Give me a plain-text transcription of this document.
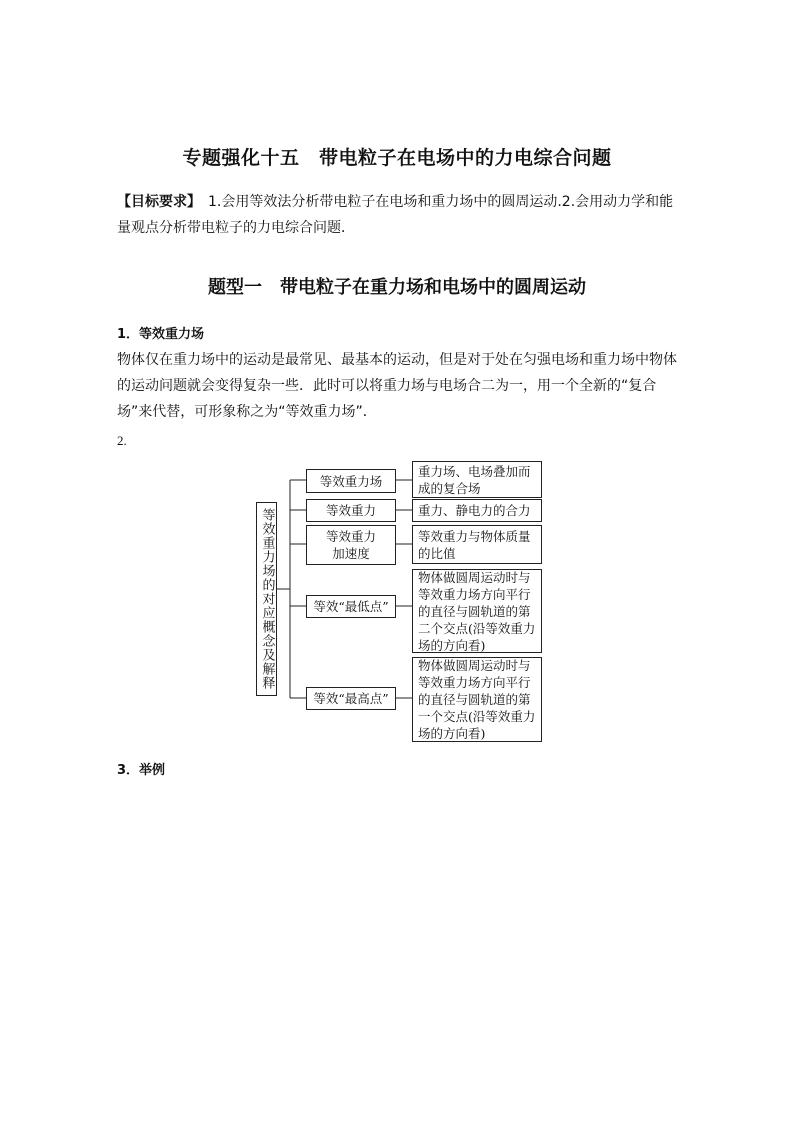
专题强化十五　带电粒子在电场中的力电综合问题
【目标要求】　1.会用等效法分析带电粒子在电场和重力场中的圆周运动.2.会用动力学和能量观点分析带电粒子的力电综合问题．
题型一　带电粒子在重力场和电场中的圆周运动
1．等效重力场
物体仅在重力场中的运动是最常见、最基本的运动，但是对于处在匀强电场和重力场中物体的运动问题就会变得复杂一些．此时可以将重力场与电场合二为一，用一个全新的“复合场”来代替，可形象称之为“等效重力场”．
2.
等效重力场的对应概念及解释
等效重力场
等效重力
等效重力加速度
等效“最低点”
等效“最高点”
重力场、电场叠加而成的复合场
重力、静电力的合力
等效重力与物体质量的比值
物体做圆周运动时与等效重力场方向平行的直径与圆轨道的第二个交点(沿等效重力场的方向看)
物体做圆周运动时与等效重力场方向平行的直径与圆轨道的第一个交点(沿等效重力场的方向看)
3．举例
